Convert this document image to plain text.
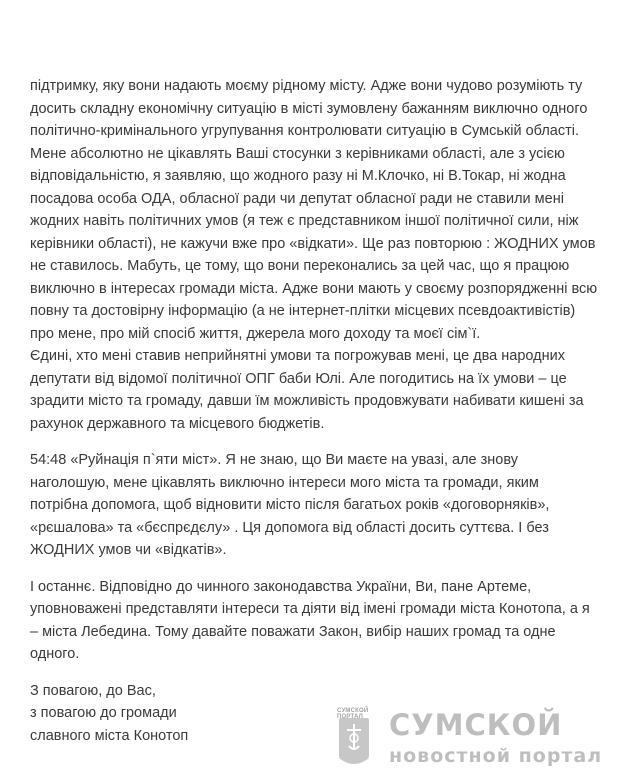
підтримку, яку вони надають моєму рідному місту. Адже вони чудово розуміють ту досить складну економічну ситуацію в місті зумовлену бажанням виключно одного політично-кримінального угрупування контролювати ситуацію в Сумській області. Мене абсолютно не цікавлять Ваші стосунки з керівниками області, але з усією відповідальністю, я заявляю, що жодного разу ні М.Клочко, ні В.Токар, ні жодна посадова особа ОДА, обласної ради чи депутат обласної ради не ставили мені жодних навіть політичних умов (я теж є представником іншої політичної сили, ніж керівники області), не кажучи вже про «відкати». Ще раз повторюю : ЖОДНИХ умов не ставилось. Мабуть, це тому, що вони переконались за цей час, що я працюю виключно в інтересах громади міста. Адже вони мають у своєму розпорядженні всю повну та достовірну інформацію (а не інтернет-плітки місцевих псевдоактивістів) про мене, про мій спосіб життя, джерела мого доходу та моєї сім`ї.

Єдині, хто мені ставив неприйнятні умови та погрожував мені, це два народних депутати від відомої політичної ОПГ баби Юлі. Але погодитись на їх умови – це зрадити місто та громаду, давши їм можливість продовжувати набивати кишені за рахунок державного та місцевого бюджетів.

54:48 «Руйнація п`яти міст». Я не знаю, що Ви маєте на увазі, але знову наголошую, мене цікавлять виключно інтереси мого міста та громади, яким потрібна допомога, щоб відновити місто після багатьох років «договорняків», «рєшалова» та «бєспрєдєлу» . Ця допомога від області досить суттєва. І без ЖОДНИХ умов чи «відкатів».

І останнє. Відповідно до чинного законодавства України, Ви, пане Артеме, уповноважені представляти інтереси та діяти від імені громади міста Конотопа, а я – міста Лебедина. Тому давайте поважати Закон, вибір наших громад та одне одного.

З повагою, до Вас,
з повагою до громади
славного міста Конотоп
СУМСКОЙ ПОРТАЛ СУМСКОЙ
новостной портал
